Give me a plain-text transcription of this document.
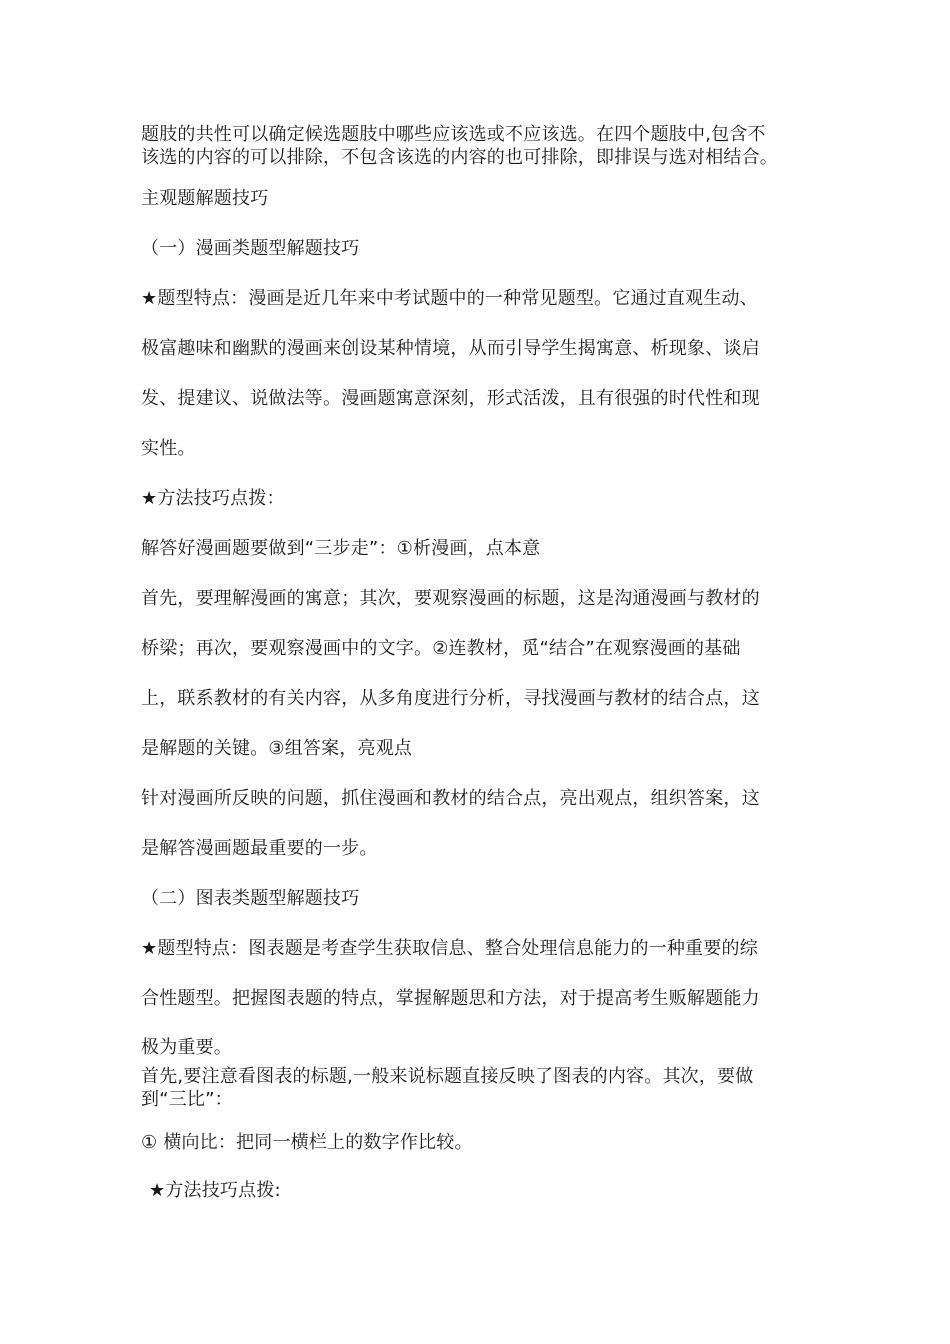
题肢的共性可以确定候选题肢中哪些应该选或不应该选。在四个题肢中,包含不
该选的内容的可以排除，不包含该选的内容的也可排除，即排误与选对相结合。
主观题解题技巧
（一）漫画类题型解题技巧
★题型特点：漫画是近几年来中考试题中的一种常见题型。它通过直观生动、
极富趣味和幽默的漫画来创设某种情境，从而引导学生揭寓意、析现象、谈启
发、提建议、说做法等。漫画题寓意深刻，形式活泼，且有很强的时代性和现
实性。
★方法技巧点拨：
解答好漫画题要做到“三步走”：①析漫画，点本意
首先，要理解漫画的寓意；其次，要观察漫画的标题，这是沟通漫画与教材的
桥梁；再次，要观察漫画中的文字。②连教材，觅“结合”在观察漫画的基础
上，联系教材的有关内容，从多角度进行分析，寻找漫画与教材的结合点，这
是解题的关键。③组答案，亮观点
针对漫画所反映的问题，抓住漫画和教材的结合点，亮出观点，组织答案，这
是解答漫画题最重要的一步。
（二）图表类题型解题技巧
★题型特点：图表题是考查学生获取信息、整合处理信息能力的一种重要的综
合性题型。把握图表题的特点，掌握解题思和方法，对于提高考生贩解题能力
极为重要。
首先,要注意看图表的标题,一般来说标题直接反映了图表的内容。其次，要做
到“三比”：
① 横向比：把同一横栏上的数字作比较。
★方法技巧点拨:
